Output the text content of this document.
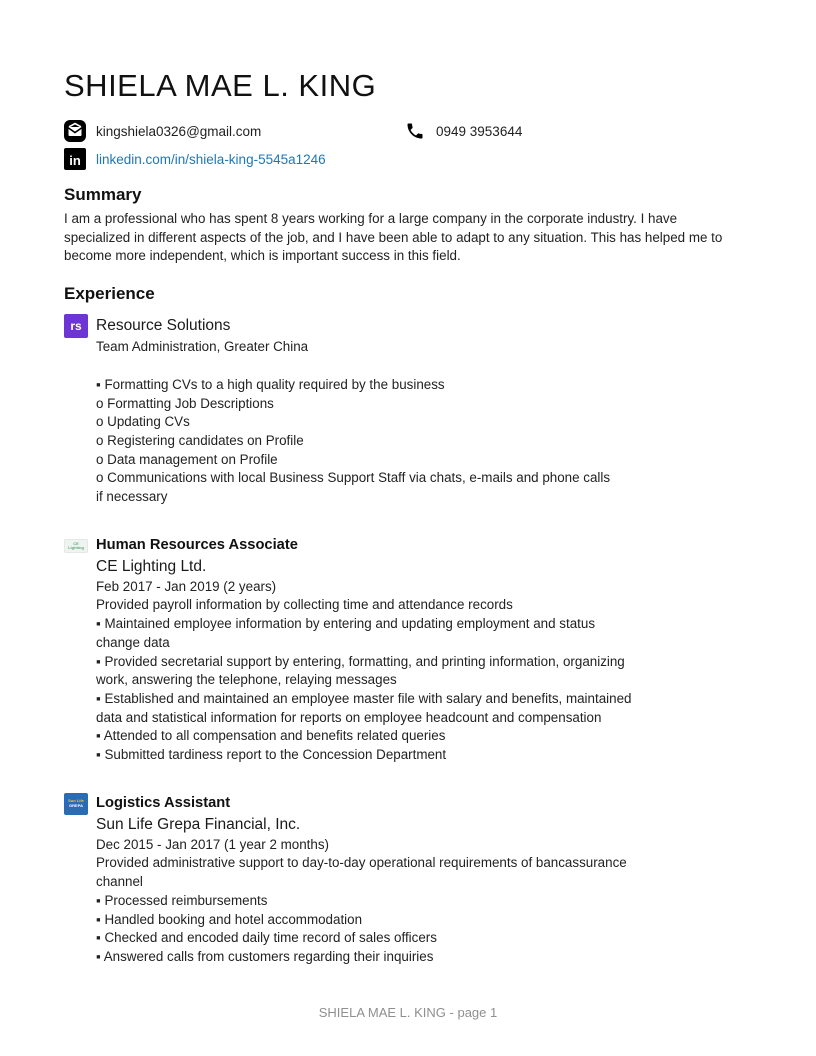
SHIELA MAE L. KING
kingshiela0326@gmail.com	0949 3953644
in	linkedin.com/in/shiela-king-5545a1246
Summary
I am a professional who has spent 8 years working for a large company in the corporate industry. I have
specialized in different aspects of the job, and I have been able to adapt to any situation. This has helped me to
become more independent, which is important success in this field.
Experience
rs Resource Solutions
Team Administration, Greater China
▪ Formatting CVs to a high quality required by the business
o Formatting Job Descriptions
o Updating CVs
o Registering candidates on Profile
o Data management on Profile
o Communications with local Business Support Staff via chats, e-mails and phone calls
if necessary
CE Lighting Human Resources Associate
CE Lighting Ltd.
Feb 2017 - Jan 2019 (2 years)
Provided payroll information by collecting time and attendance records
▪ Maintained employee information by entering and updating employment and status
change data
▪ Provided secretarial support by entering, formatting, and printing information, organizing
work, answering the telephone, relaying messages
▪ Established and maintained an employee master file with salary and benefits, maintained
data and statistical information for reports on employee headcount and compensation
▪ Attended to all compensation and benefits related queries
▪ Submitted tardiness report to the Concession Department
Sun Life
GREPA Logistics Assistant
Sun Life Grepa Financial, Inc.
Dec 2015 - Jan 2017 (1 year 2 months)
Provided administrative support to day-to-day operational requirements of bancassurance
channel
▪ Processed reimbursements
▪ Handled booking and hotel accommodation
▪ Checked and encoded daily time record of sales officers
▪ Answered calls from customers regarding their inquiries
SHIELA MAE L. KING - page 1
